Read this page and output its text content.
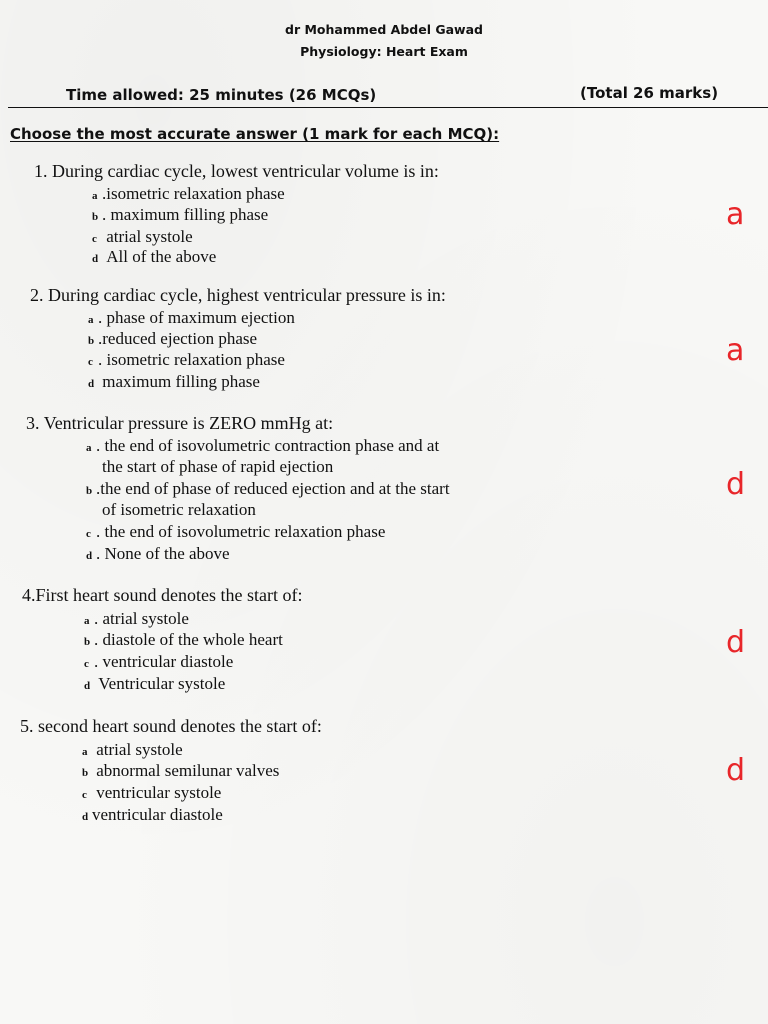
dr Mohammed Abdel Gawad
Physiology: Heart Exam
Time allowed: 25 minutes (26 MCQs)	(Total 26 marks)
Choose the most accurate answer (1 mark for each MCQ):
1. During cardiac cycle, lowest ventricular volume is in:
a .isometric relaxation phase
b . maximum filling phase
c atrial systole
d All of the above
a
2. During cardiac cycle, highest ventricular pressure is in:
a . phase of maximum ejection
b .reduced ejection phase
c . isometric relaxation phase
d maximum filling phase
a
3. Ventricular pressure is ZERO mmHg at:
a . the end of isovolumetric contraction phase and at
the start of phase of rapid ejection
b .the end of phase of reduced ejection and at the start
of isometric relaxation
c . the end of isovolumetric relaxation phase
d . None of the above
d
4.First heart sound denotes the start of:
a . atrial systole
b . diastole of the whole heart
c . ventricular diastole
d Ventricular systole
d
5. second heart sound denotes the start of:
a atrial systole
b abnormal semilunar valves
c ventricular systole
d ventricular diastole
d
